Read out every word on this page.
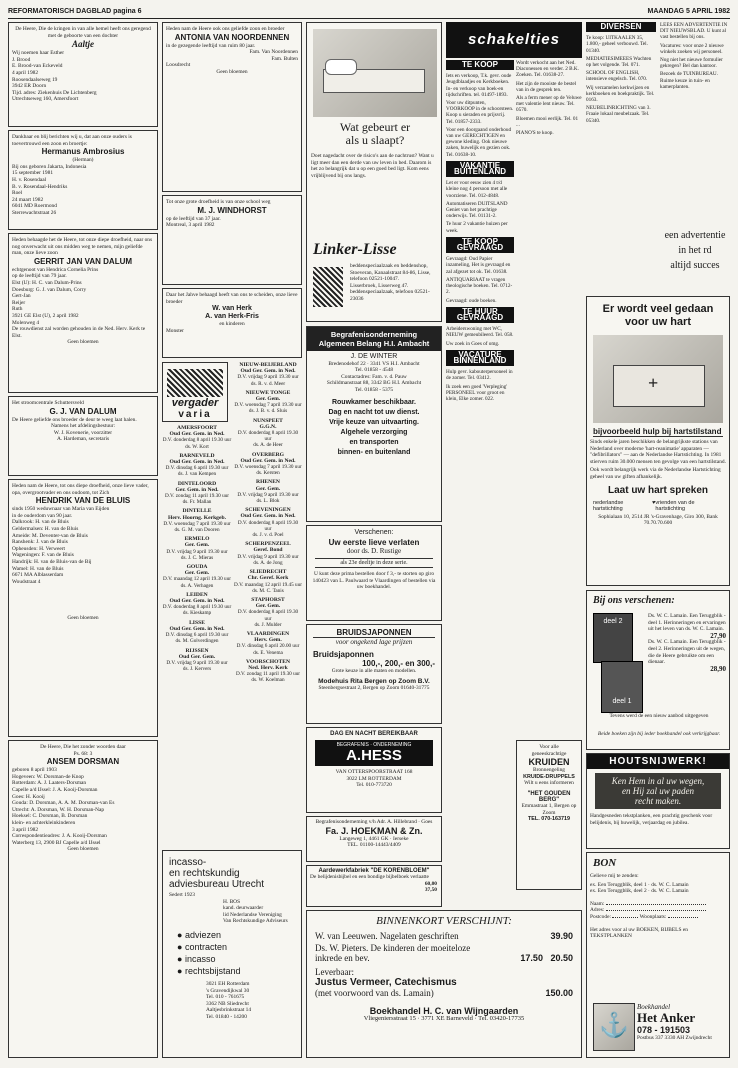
REFORMATORISCH DAGBLAD pagina 6	MAANDAG 5 APRIL 1982

De Heere, Die de kringen in van alle hemel heeft ons geregend met de geboorte van een dochter

Aaltje

Wij noemen haar Esther

J. Brood

E. Brood-van Eckeveld

4 april 1982

Roosendaalseweg 19

3942 ER Doorn

Tijd. adres: Ziekenhuis De Lichtenberg

Utrechtseweg 160, Amersfoort

Dankbaar en blij berichten wij u, dat aan onze ouders is toevertrouwd een zoon en broertje:

Hermanus Ambrosius
(Herman)

Bij ons geboren Jakarta, Indonesia

15 september 1981

H. v. Rosendaal

B. v. Rosendaal-Hendriks

Roel

24 maart 1982

6041 MD Roermond

Sterrewachtstraat 26

Heden behaagde het de Heere, tot onze diepe droefheid, naar ons nog onverwacht uit ons midden weg te nemen, mijn geliefde man, onze lieve zoon

GERRIT JAN VAN DALUM

echtgenoot van Hendrica Cornelia Prins

op de leeftijd van 79 jaar.

Elst (U): H. C. van Dalum-Prins

Doesburg: G. J. van Dalum, Corry

Gert-Jan

Reijer

Ruth

3921 GE Elst (U), 2 april 1982

Molenweg 4

De rouwdienst zal worden gehouden in de Ned. Herv. Kerk te Elst.

Geen bloemen

Het stroomcentrale Schuttersveld

G. J. VAN DALUM

De Heere geliefde ons broeder de deur te weeg laat halen.

Namens het afdelingsbestuur:

W. J. Kovenerie, voorzitter

A. Hardeman, secretaris

Heden nam de Heere, tot ons diepe droefheid, onze lieve vader, opa, overgrootvader en ons oudoom, tot Zich

HENDRIK VAN DE BLUIS

sinds 1950 weduwnaar van Maria van Eijden

in de ouderdom van 90 jaar.

Dalkrook: H. van de Bluis

Geldermalsen: H. van de Bluis

Ameide: M. Deventer-van de Bluis

Ranshenk: J. van de Bluis

Opheusden: H. Verweert

Wageningen: F. van de Bluis

Handrijk: H. van de Bluis-van de Bij

Wamel: H. van de Bluis

6671 MA Alblasserdam

Woudstraat 4

Geen bloemen

De Heere, Die het zonder woorden daar

Ps. 68: 3

ANSEM DORSMAN

geboren 8 april 1903

Hogeveen: W. Dorsman-de Knop

Rotterdam: A. J. Laaters-Dorsman

Capelle a/d IJssel: J. A. Kooij-Dorsman

Goes: H. Kooij

Gouda: D. Dorsman, A. A. M. Dorsman-van Es

Utrecht: A. Dorsman, W. H. Dorsman-Nap

Hoeksel: C. Dorsman, B. Dorsman

klein- en achterkleinkinderen

3 april 1982

Correspondentieadres: J. A. Kooij-Dorsman

Waterberg 13, 2900 BJ Capelle a/d IJssel

Geen bloemen

Heden nam de Heere ook ons geliefde zoon en broeder

ANTONIA VAN NOORDENNEN

in de gezegende leeftijd van ruim 80 jaar.

Fam. Van Noordennen

Fam. Bulten

Loosdrecht

Geen bloemen

Tot onze grote droefheid is van onze school weg

M. J. WINDHORST

op de leeftijd van 37 jaar.

Montreal, 3 april 1982

Daar het Jahve behaagd heeft van ons te scheiden, onze lieve broeder

W. van Herk
A. van Herk-Fris

en kinderen

Monster

vergader
varia

AMERSFOORT
Oud Ger. Gem. in Ned.
D.V. donderdag 8 april 19.30 uur
ds. W. Kort

BARNEVELD
Oud Ger. Gem. in Ned.
D.V. dinsdag 6 april 19.30 uur
ds. J. van Kempen

DINTELOORD
Ger. Gem. in Ned.
D.V. zondag 11 april 19.30 uur
ds. Fr. Mallan

DINTELLE
Herv. Hoorng. Kerkgeb.
D.V. woensdag 7 april 19.30 uur
ds. G. M. van Dooren

ERMELO
Ger. Gem.
D.V. vrijdag 9 april 19.30 uur
ds. J. C. Mieras

GOUDA
Ger. Gem.
D.V. maandag 12 april 19.30 uur
ds. A. Verhagen

LEIDEN
Oud Ger. Gem. in Ned.
D.V. donderdag 8 april 19.30 uur
ds. Kieskamp

LISSE
Oud Ger. Gem. in Ned.
D.V. dinsdag 6 april 19.30 uur
ds. M. Golverdingen

RIJSSEN
Oud Ger. Gem.
D.V. vrijdag 9 april 19.30 uur
ds. J. Kervers

NIEUW-BEIJERLAND
Oud Ger. Gem. in Ned.
D.V. vrijdag 9 april 19.30 uur
ds. R. v. d. Meer

NIEUWE TONGE
Ger. Gem.
D.V. woensdag 7 april 19.30 uur
ds. J. B. v. d. Sluis

NUNSPEET
G.G.N.
D.V. donderdag 8 april 19.30 uur
ds. A. de Heer

OVERBERG
Oud Ger. Gem. in Ned.
D.V. woensdag 7 april 19.30 uur
ds. Kersten

RHENEN
Ger. Gem.
D.V. vrijdag 9 april 19.30 uur
ds. L. Blok

SCHEVENINGEN
Oud Ger. Gem. in Ned.
D.V. donderdag 8 april 19.30 uur
ds. J. v. d. Poel

SCHERPENZEEL
Geref. Bond
D.V. vrijdag 9 april 19.30 uur
ds. A. de Jong

SLIEDRECHT
Chr. Geref. Kerk
D.V. maandag 12 april 19.45 uur
ds. M. C. Tanis

STAPHORST
Ger. Gem.
D.V. donderdag 8 april 19.30 uur
ds. J. Mulder

VLAARDINGEN
Herv. Gem.
D.V. dinsdag 6 april 20.00 uur
ds. E. Venema

VOORSCHOTEN
Ned. Herv. Kerk
D.V. zondag 11 april 19.30 uur
ds. W. Koelman

incasso-
en rechtskundig
adviesbureau Utrecht

Sedert 1923

H. BOS

kand. deurwaarder

lid Nederlandse Vereniging

Van Rechtskundige Adviseurs

● adviezen
● contracten
● incasso
● rechtsbijstand

3021 EH Rotterdam

's Gravendijkwal 30

Tel. 010 - 761675

3362 NB Sliedrecht

Aaltjesbrinkstraat 14

Tel. 01840 - 14200

Wat gebeurt er
als u slaapt?
Doet nagedacht over de risico's aan de nachtrust? Want u ligt meer dan een derde van uw leven in bed. Daarom is het zo belangrijk dat u op een goed bed ligt. Kom eens vrijblijvend bij ons langs.
Linker-Lisse

beddenspeciaalzaak en beddenshop,

Stoeveran, Kanaalstraat 84-86, Lisse,

telefoon 02521-10047.

Lisserbroek, Lisserweg 47.

beddenspeciaalzaak, telefoon 02521-23036

Begrafenisonderneming
Algemeen Belang H.I. Ambacht

J. DE WINTER

Bredenodehof 22 · 3341 VS H.I. Ambacht

Tel. 01858 - 4548

Contactadres: Fam. v. d. Pauw

Schildmanstraat 88, 3342 BG H.I. Ambacht

Tel. 01858 - 5375

Rouwkamer beschikbaar.
Dag en nacht tot uw dienst.
Vrije keuze van uitvaarting.
Algehele verzorging
en transporten
binnen- en buitenland
Verschenen:
Uw eerste lieve verlaten
door ds. D. Rustige
als 23e deeltje in deze serie.

U kunt deze prima bestellen door f 3,- te storten op giro 140423 van L. Paulwaard te Vlaardingen of bestellen via uw boekhandel.

BRUIDSJAPONNEN
voor ongekend lage prijzen
Bruidsjaponnen
100,-, 200,- en 300,-

Grote keuze in alle maten en modellen.

Modehuis Rita Bergen op Zoom B.V.

Steenbergsestraat 2, Bergen op Zoom 01640-31775

DAG EN NACHT BEREIKBAAR
BEGRAFENIS · ONDERNEMING
A.HESS

VAN OTTERSPOORSTRAAT 168

3022 LM ROTTERDAM

Tel. 010-773720

Begrafenisonderneming v/h Adr. A. Hillebrand · Goes

Fa. J. HOEKMAN & Zn.

Langeweg 1, 4461 GK · Ierseke

TEL. 01100-14443/4409

Aardewerkfabriek "DE KORENBLOEM"

De belijdenisbijbel en een bondige bijbelboek verlaatte

60,00
37,50
schakelties
TE KOOP

Iets en verkoop, T.k. gevr. oude Jeugdblaadjes en Kerkboeken. In- en verkoop van boek-en tijdschriften. tel. 01497-1893.

Voor uw ditpunten, VOORKOOP in de schoorsteen. Koop u sieraden en prijsvrij. Tel. 01857-2333.

Voor een doorgaand onderhoud van uw GERECHTIGEN en gewone kleding. Ook nieuwe zaken, huwelijk en gezien ook. Tel. 01638-10.

VAKANTIE BUITENLAND

Let er voor eeuw zien 4 t/d kleine nog 4 persoon met alle voorziene. Tel. 012-4848.

Automatiseren DUITSLAND Geniet van het prachtige onderwijs. Tel. 01131-2.

Te huur 2 vakantie huizen per week.

TE KOOP GEVRAAGD

Gevraagd: Oud Papier inzameling, Het is gevraagd en zal afgezet tot ok. Tel. 01638.

ANTIQUARIAAT te vragen theologische boeken. Tel. 0712-2.

Gevraagd: oude boeken.

TE HUUR GEVRAAGD

Arbeiderswoning met WC, NIEUW gemeubileerd. Tel. 058.

Uw zoek in Goes of omg.

VACATURE BINNENLAND

Hulp gevr. kabouterpersoneel in de zomer. Tel. 03412.

Ik zoek een goed 'Verpleging' PERSONEEL voor groot en klein, Elke zomer. 022.

Wordt verkocht aan het Ned. Diaconessen en verder. 2 B.K. Zoeken. Tel. 01638-27.

Het zijn de mooiste de bestel van in de gesprek ten.

Als a ferm mener op de Veluwe met valentie lent nieuw. Tel. 0570.

Bloemen mooi eerlijk. Tel. 01 ...

PIANO'S te koop.

Voor alle

geneeskrachtige

KRUIDEN

Bronnengeling

KRUIDE-DRUPPELS

Wilt u eens informeren

"HET GOUDEN BERG"

Emmastraat 1, Bergen op Zoom

TEL. 070-163719

DIVERSEN

Te koop: UITKAALEN 35, 1.800,- geheel verbouwd. Tel. 01340.

MEDIATIESIMEEES Wachten op het volgende. Tel. 071.

SCHOOL OF ENGLISH, intensieve engelsch. Tel. 070.

Wij verzamelen kerkwijzen en kerkboeken en boekpraktijk. Tel. 0163.

NEUBELINRICHTING van 3. Fraaie lokaal meubelzaak. Tel. 05340.

LEES EEN ADVERTENTIE IN DIT NIEUWSBLAD. U kunt al vast bestellen bij ons.

Vacatures: voor onze 2 nieuwe winkels zoeken wij personeel.

Nog niet het nieuwe formulier gekregen? Bel dan kantoor.

Bezoek de TUINBUREAU. Ruime keuze in tuin- en kamerplanten.

een advertentie
in het rd
altijd succes
Er wordt veel gedaan
voor uw hart
+
bijvoorbeeld hulp bij hartstilstand

Sinds enkele jaren beschikken de belangrijkste stations van Nederland over moderne 'hart-reanimatie' apparaten — "defibrillators" — aan de Nederlandse Hartstichting. In 1981 stierven ruim 30.000 mensen ten gevolge van een hartstilstand.

Ook wordt belangrijk werk via de Nederlandse Hartstichting geheel van uw giften afhankelijk.

Laat uw hart spreken
nederlandse hartstichting
♥ vrienden van de hartstichting

Sophialaan 10, 2514 JR 's-Gravenhage, Giro 300, Bank 70.70.70.600

Bij ons verschenen:
deel 2
deel 1

Ds. W. C. Lamain. Een Teruggblik - deel 1. Herinneringen en ervaringen uit het leven van ds. W. C. Lamain.

27,90

Ds. W. C. Lamain. Een Teruggblik - deel 2. Herinneringen uit de wegen, die de Heere gebruikte om een dienaar.

28,90

Tevens werd de een nieuw aanbod uitgegeven

Beide boeken zijn bij ieder boekhandel ook verkrijgbaar.

HOUTSNIJWERK!
Ken Hem in al uw wegen,
en Hij zal uw paden
recht maken.

Handgesneden tekstplanken, een prachtig geschenk voor belijdenis, bij huwelijk, verjaardag en jubilea.

BON

Gelieve mij te zenden:

ex. Een Teruggblik, deel 1 · ds. W. C. Lamain

ex. Een Teruggblik, deel 2 · ds. W. C. Lamain

Naam:

Adres:

Postcode:	Woonplaats:

Het adres voor al uw BOEKEN, BIJBELS en TEKSTPLANKEN

⚓
Boekhandel
Het Anker
078 - 191503

Postbus 337 3330 AH Zwijndrecht

BINNENKORT VERSCHIJNT:
W. van Leeuwen. Nagelaten geschriften	39.90
Ds. W. Pieters. De kinderen der moeiteloze
inkrede en bev.	17.50 20.50
Leverbaar:
Justus Vermeer, Catechismus
(met voorwoord van ds. Lamain)	150.00
Boekhandel H. C. van Wijngaarden

Vliegeniersstraat 15 · 3771 XE Barneveld · Tel. 03420-17735
